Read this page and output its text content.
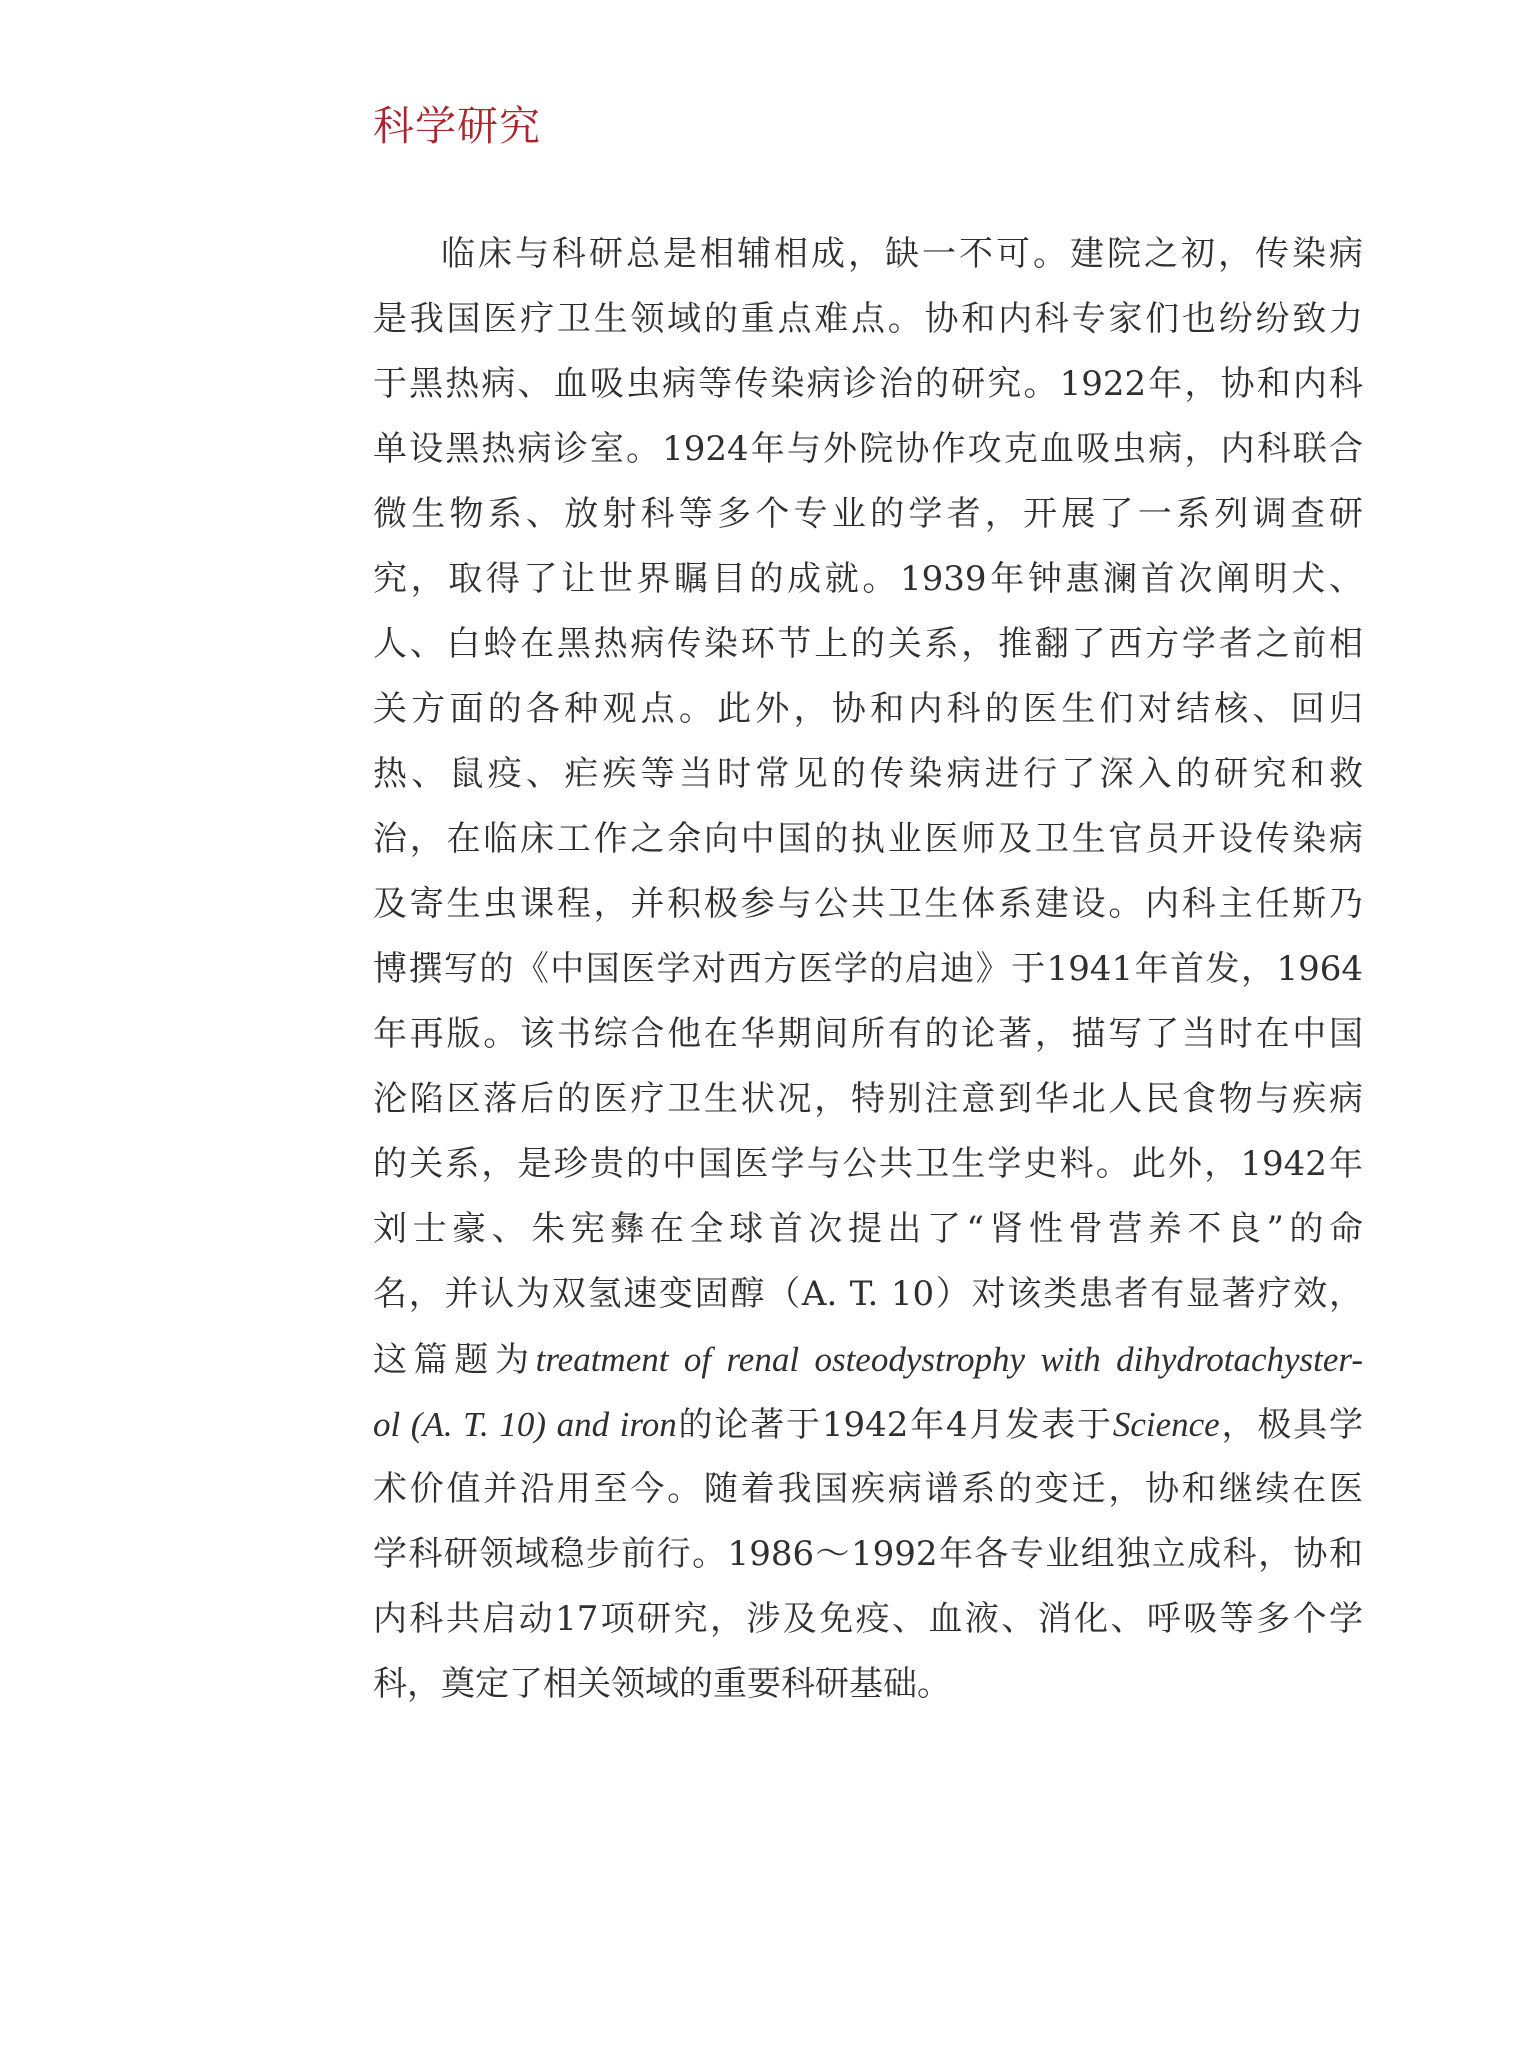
科学研究
临床与科研总是相辅相成，缺一不可。建院之初，传染病
是我国医疗卫生领域的重点难点。协和内科专家们也纷纷致力
于黑热病、血吸虫病等传染病诊治的研究。1922年，协和内科
单设黑热病诊室。1924年与外院协作攻克血吸虫病，内科联合
微生物系、放射科等多个专业的学者，开展了一系列调查研
究，取得了让世界瞩目的成就。1939年钟惠澜首次阐明犬、
人、白蛉在黑热病传染环节上的关系，推翻了西方学者之前相
关方面的各种观点。此外，协和内科的医生们对结核、回归
热、鼠疫、疟疾等当时常见的传染病进行了深入的研究和救
治，在临床工作之余向中国的执业医师及卫生官员开设传染病
及寄生虫课程，并积极参与公共卫生体系建设。内科主任斯乃
博撰写的《中国医学对西方医学的启迪》于1941年首发，1964
年再版。该书综合他在华期间所有的论著，描写了当时在中国
沦陷区落后的医疗卫生状况，特别注意到华北人民食物与疾病
的关系，是珍贵的中国医学与公共卫生学史料。此外，1942年
刘士豪、朱宪彝在全球首次提出了“肾性骨营养不良”的命
名，并认为双氢速变固醇（A. T. 10）对该类患者有显著疗效，
这篇题为treatment of renal osteodystrophy with dihydrotachyster-
ol (A. T. 10) and iron的论著于1942年4月发表于Science，极具学
术价值并沿用至今。随着我国疾病谱系的变迁，协和继续在医
学科研领域稳步前行。1986～1992年各专业组独立成科，协和
内科共启动17项研究，涉及免疫、血液、消化、呼吸等多个学
科，奠定了相关领域的重要科研基础。
